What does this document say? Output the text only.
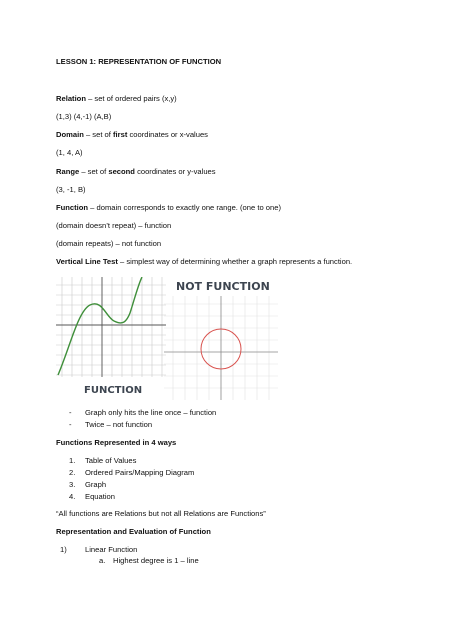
LESSON 1: REPRESENTATION OF FUNCTION
Relation – set of ordered pairs (x,y)
(1,3) (4,-1) (A,B)
Domain – set of first coordinates or x-values
(1, 4, A)
Range – set of second coordinates or y-values
(3, -1, B)
Function – domain corresponds to exactly one range. (one to one)
(domain doesn’t repeat) – function
(domain repeats) – not function
Vertical Line Test – simplest way of determining whether a graph represents a function.
FUNCTION
NOT FUNCTION
- Graph only hits the line once – function
- Twice – not function
Functions Represented in 4 ways
1. Table of Values
2. Ordered Pairs/Mapping Diagram
3. Graph
4. Equation
“All functions are Relations but not all Relations are Functions”
Representation and Evaluation of Function
1) Linear Function
a. Highest degree is 1 – line
